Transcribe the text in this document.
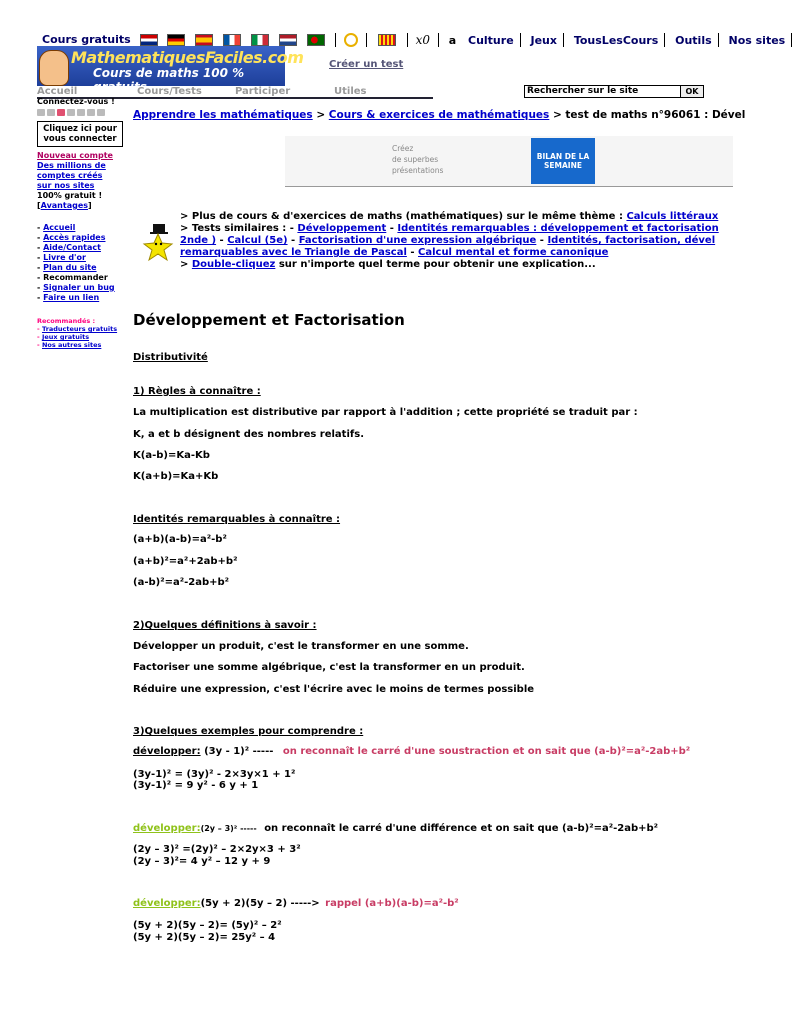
Cours gratuits	x0 a Culture Jeux TousLesCours Outils Nos sites
MathematiquesFaciles.com
Cours de maths 100 % gratuits
Créer un test
Accueil	Cours/Tests	Participer	Utiles	Rechercher sur le site	OK
Connectez-vous !
Cliquez ici pour vous connecter
Nouveau compte
Des millions de
comptes créés
sur nos sites
100% gratuit !
[Avantages]
- Accueil
- Accès rapides
- Aide/Contact
- Livre d'or
- Plan du site
- Recommander
- Signaler un bug
- Faire un lien
Recommandés :
- Traducteurs gratuits
- Jeux gratuits
- Nos autres sites
Apprendre les mathématiques > Cours & exercices de mathématiques > test de maths n°96061 : Dével
Créez
de superbes
présentations
BILAN DE LA SEMAINE
> Plus de cours & d'exercices de maths (mathématiques) sur le même thème : Calculs littéraux
> Tests similaires : - Développement - Identités remarquables : développement et factorisation
2nde ) - Calcul (5e) - Factorisation d'une expression algébrique - Identités, factorisation, dével
remarquables avec le Triangle de Pascal - Calcul mental et forme canonique
> Double-cliquez sur n'importe quel terme pour obtenir une explication...
Développement et Factorisation
Distributivité
1) Règles à connaître :
La multiplication est distributive par rapport à l'addition ; cette propriété se traduit par :
K, a et b désignent des nombres relatifs.
K(a-b)=Ka-Kb
K(a+b)=Ka+Kb
Identités remarquables à connaître :
(a+b)(a-b)=a²-b²
(a+b)²=a²+2ab+b²
(a-b)²=a²-2ab+b²
2)Quelques définitions à savoir :
Développer un produit, c'est le transformer en une somme.
Factoriser une somme algébrique, c'est la transformer en un produit.
Réduire une expression, c'est l'écrire avec le moins de termes possible
3)Quelques exemples pour comprendre :
développer: (3y - 1)² ----- on reconnaît le carré d'une soustraction et on sait que (a-b)²=a²-2ab+b²
(3y-1)² = (3y)² - 2×3y×1 + 1²
(3y-1)² = 9 y² - 6 y + 1
développer:(2y – 3)² ----- on reconnaît le carré d'une différence et on sait que (a-b)²=a²-2ab+b²
(2y – 3)² =(2y)² – 2×2y×3 + 3²
(2y – 3)²= 4 y² – 12 y + 9
développer:(5y + 2)(5y – 2) -----> rappel (a+b)(a-b)=a²-b²
(5y + 2)(5y – 2)= (5y)² – 2²
(5y + 2)(5y – 2)= 25y² – 4
